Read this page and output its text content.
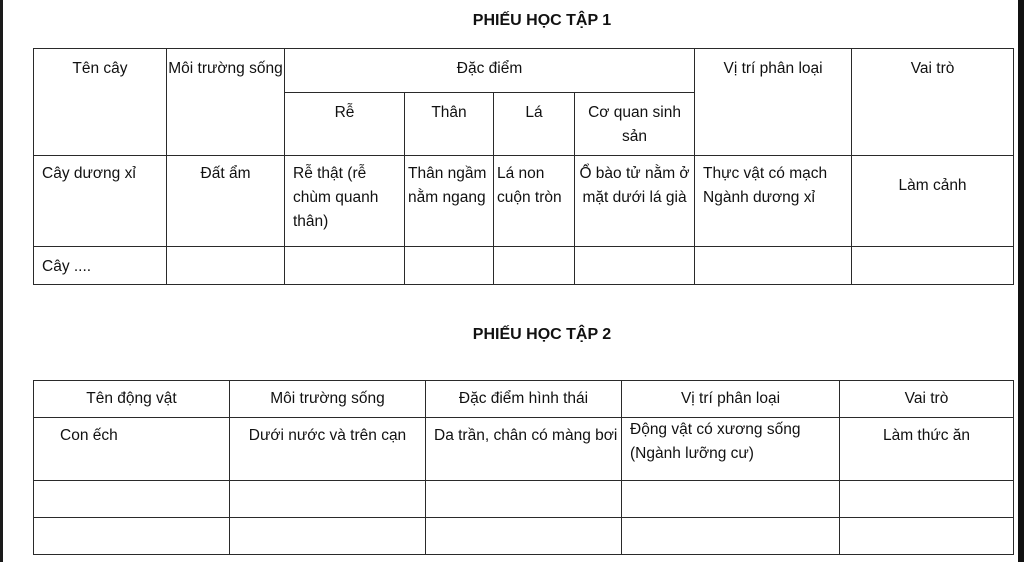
PHIẾU HỌC TẬP 1
Tên cây	Môi trường sống	Đặc điểm				Vị trí phân loại	Vai trò
		Rễ	Thân	Lá	Cơ quan sinh sản		
Cây dương xỉ	Đất ẩm	Rễ thật (rễ chùm quanh thân)	Thân ngầm nằm ngang	Lá non cuộn tròn	Ổ bào tử nằm ở mặt dưới lá già	Thực vật có mạch Ngành dương xỉ	Làm cảnh
Cây ....							
PHIẾU HỌC TẬP 2
Tên động vật	Môi trường sống	Đặc điểm hình thái	Vị trí phân loại	Vai trò
Con ếch	Dưới nước và trên cạn	Da trần, chân có màng bơi	Động vật có xương sống (Ngành lưỡng cư)	Làm thức ăn
